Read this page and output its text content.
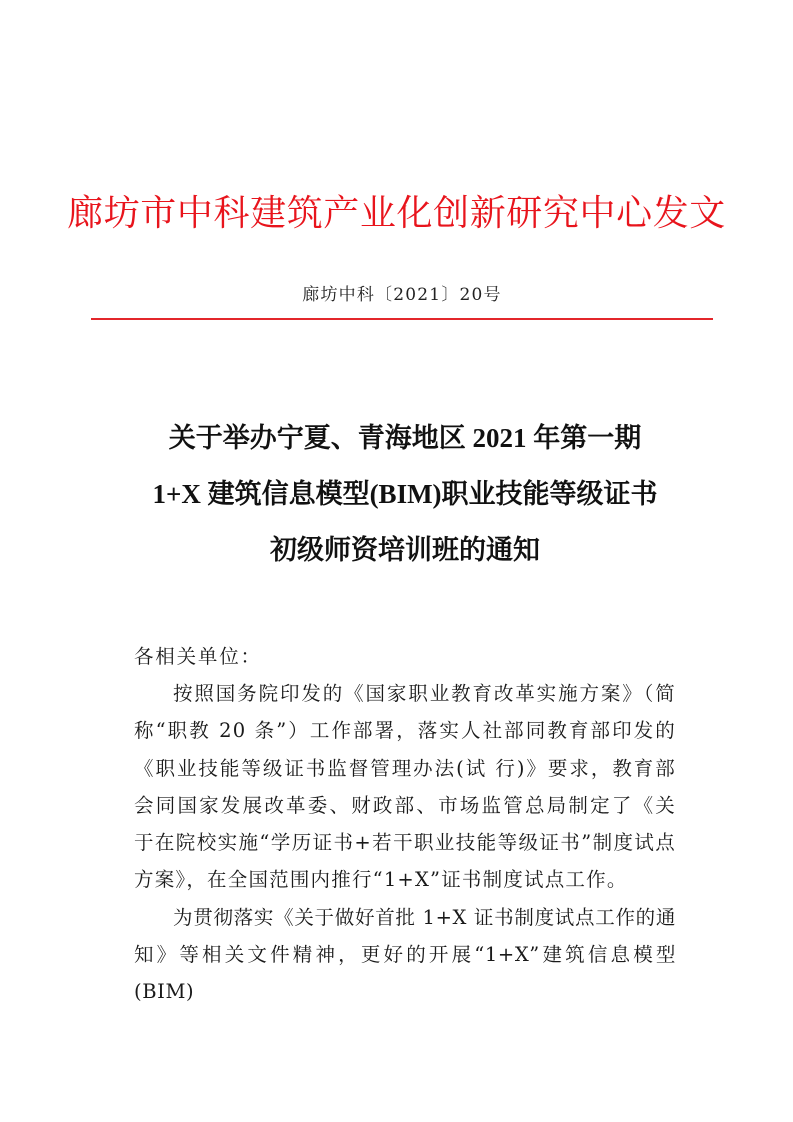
廊坊市中科建筑产业化创新研究中心发文
廊坊中科〔2021〕20号
关于举办宁夏、青海地区 2021 年第一期
1+X 建筑信息模型(BIM)职业技能等级证书
初级师资培训班的通知

各相关单位：

按照国务院印发的《国家职业教育改革实施方案》（简称“职教 20 条”）工作部署，落实人社部同教育部印发的《职业技能等级证书监督管理办法(试 行)》要求，教育部会同国家发展改革委、财政部、市场监管总局制定了《关 于在院校实施“学历证书+若干职业技能等级证书”制度试点方案》，在全国范围内推行“1+X”证书制度试点工作。

为贯彻落实《关于做好首批 1+X 证书制度试点工作的通知》等相关文件精神，更好的开展“1+X”建筑信息模型(BIM)
